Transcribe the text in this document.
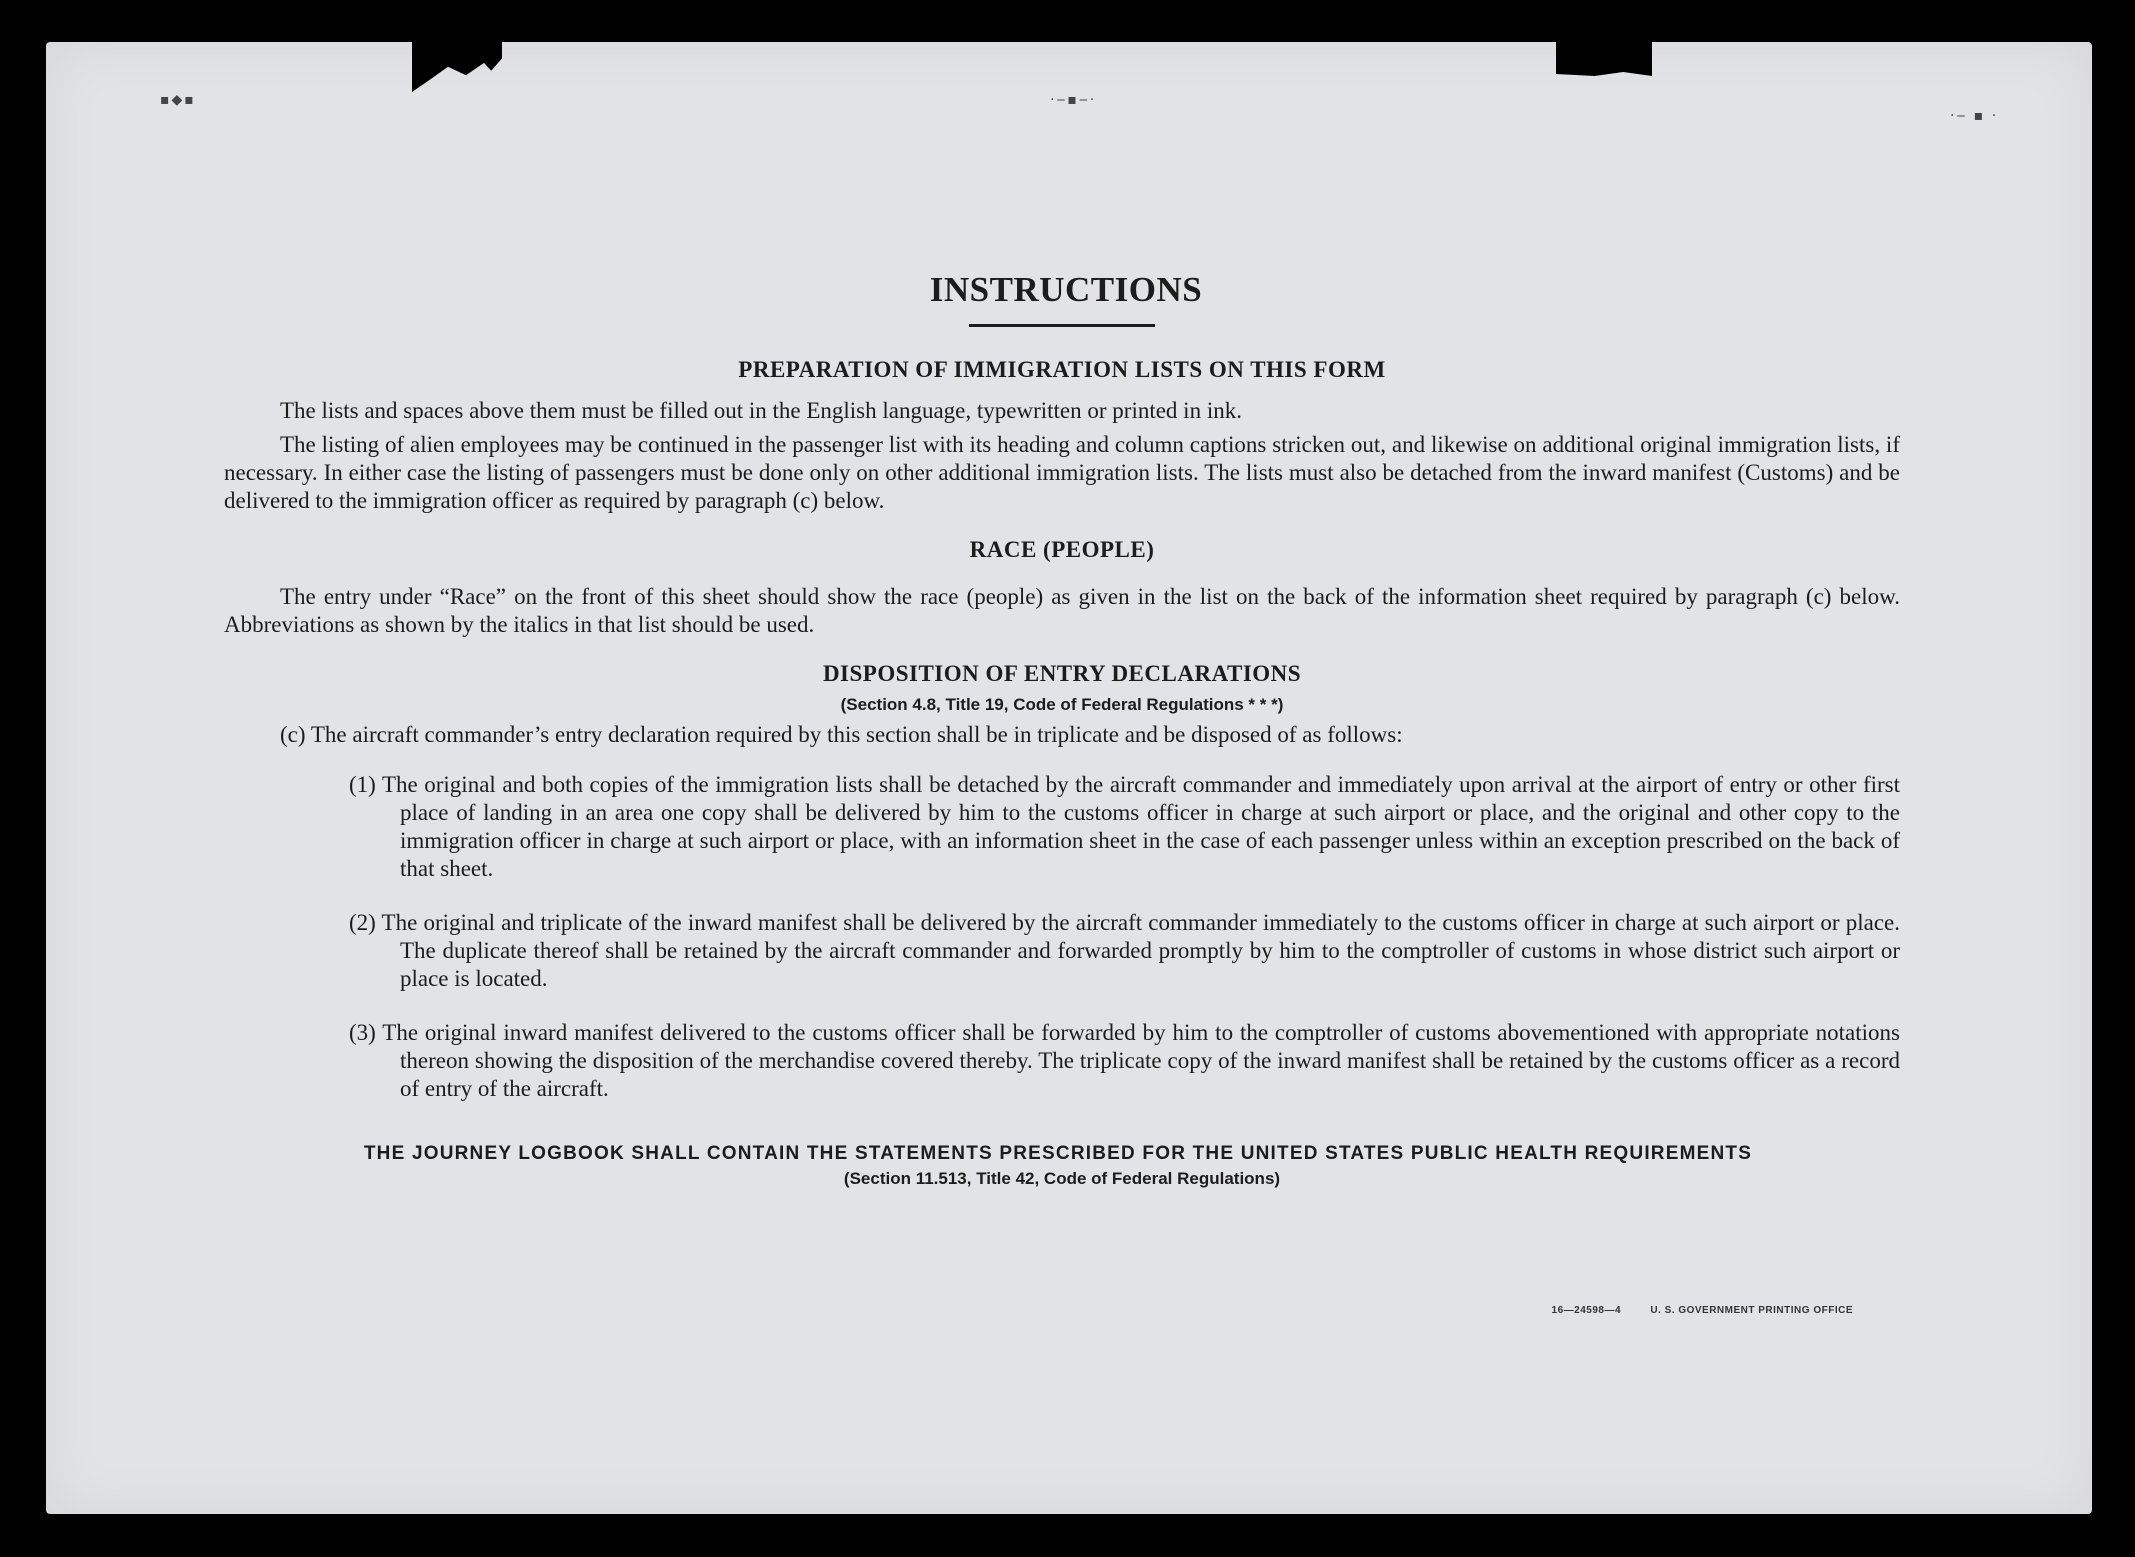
▪◆▪	·‒▪‒·
·‒ ▪ ·
INSTRUCTIONS
PREPARATION OF IMMIGRATION LISTS ON THIS FORM

The lists and spaces above them must be filled out in the English language, typewritten or printed in ink.

The listing of alien employees may be continued in the passenger list with its heading and column captions stricken out, and likewise on additional original immigration lists, if necessary. In either case the listing of passengers must be done only on other additional immigration lists. The lists must also be detached from the inward manifest (Customs) and be delivered to the immigration officer as required by paragraph (c) below.

RACE (PEOPLE)

The entry under “Race” on the front of this sheet should show the race (people) as given in the list on the back of the information sheet required by paragraph (c) below. Abbreviations as shown by the italics in that list should be used.

DISPOSITION OF ENTRY DECLARATIONS
(Section 4.8, Title 19, Code of Federal Regulations * * *)

(c) The aircraft commander’s entry declaration required by this section shall be in triplicate and be disposed of as follows:

(1) The original and both copies of the immigration lists shall be detached by the aircraft commander and immediately upon arrival at the airport of entry or other first place of landing in an area one copy shall be delivered by him to the customs officer in charge at such airport or place, and the original and other copy to the immigration officer in charge at such airport or place, with an information sheet in the case of each passenger unless within an exception prescribed on the back of that sheet.
(2) The original and triplicate of the inward manifest shall be delivered by the aircraft commander immediately to the customs officer in charge at such airport or place. The duplicate thereof shall be retained by the aircraft commander and forwarded promptly by him to the comptroller of customs in whose district such airport or place is located.
(3) The original inward manifest delivered to the customs officer shall be forwarded by him to the comptroller of customs abovementioned with appropriate notations thereon showing the disposition of the merchandise covered thereby. The triplicate copy of the inward manifest shall be retained by the customs officer as a record of entry of the aircraft.
THE JOURNEY LOGBOOK SHALL CONTAIN THE STATEMENTS PRESCRIBED FOR THE UNITED STATES PUBLIC HEALTH REQUIREMENTS
(Section 11.513, Title 42, Code of Federal Regulations)
16—24598—4	U. S. GOVERNMENT PRINTING OFFICE
